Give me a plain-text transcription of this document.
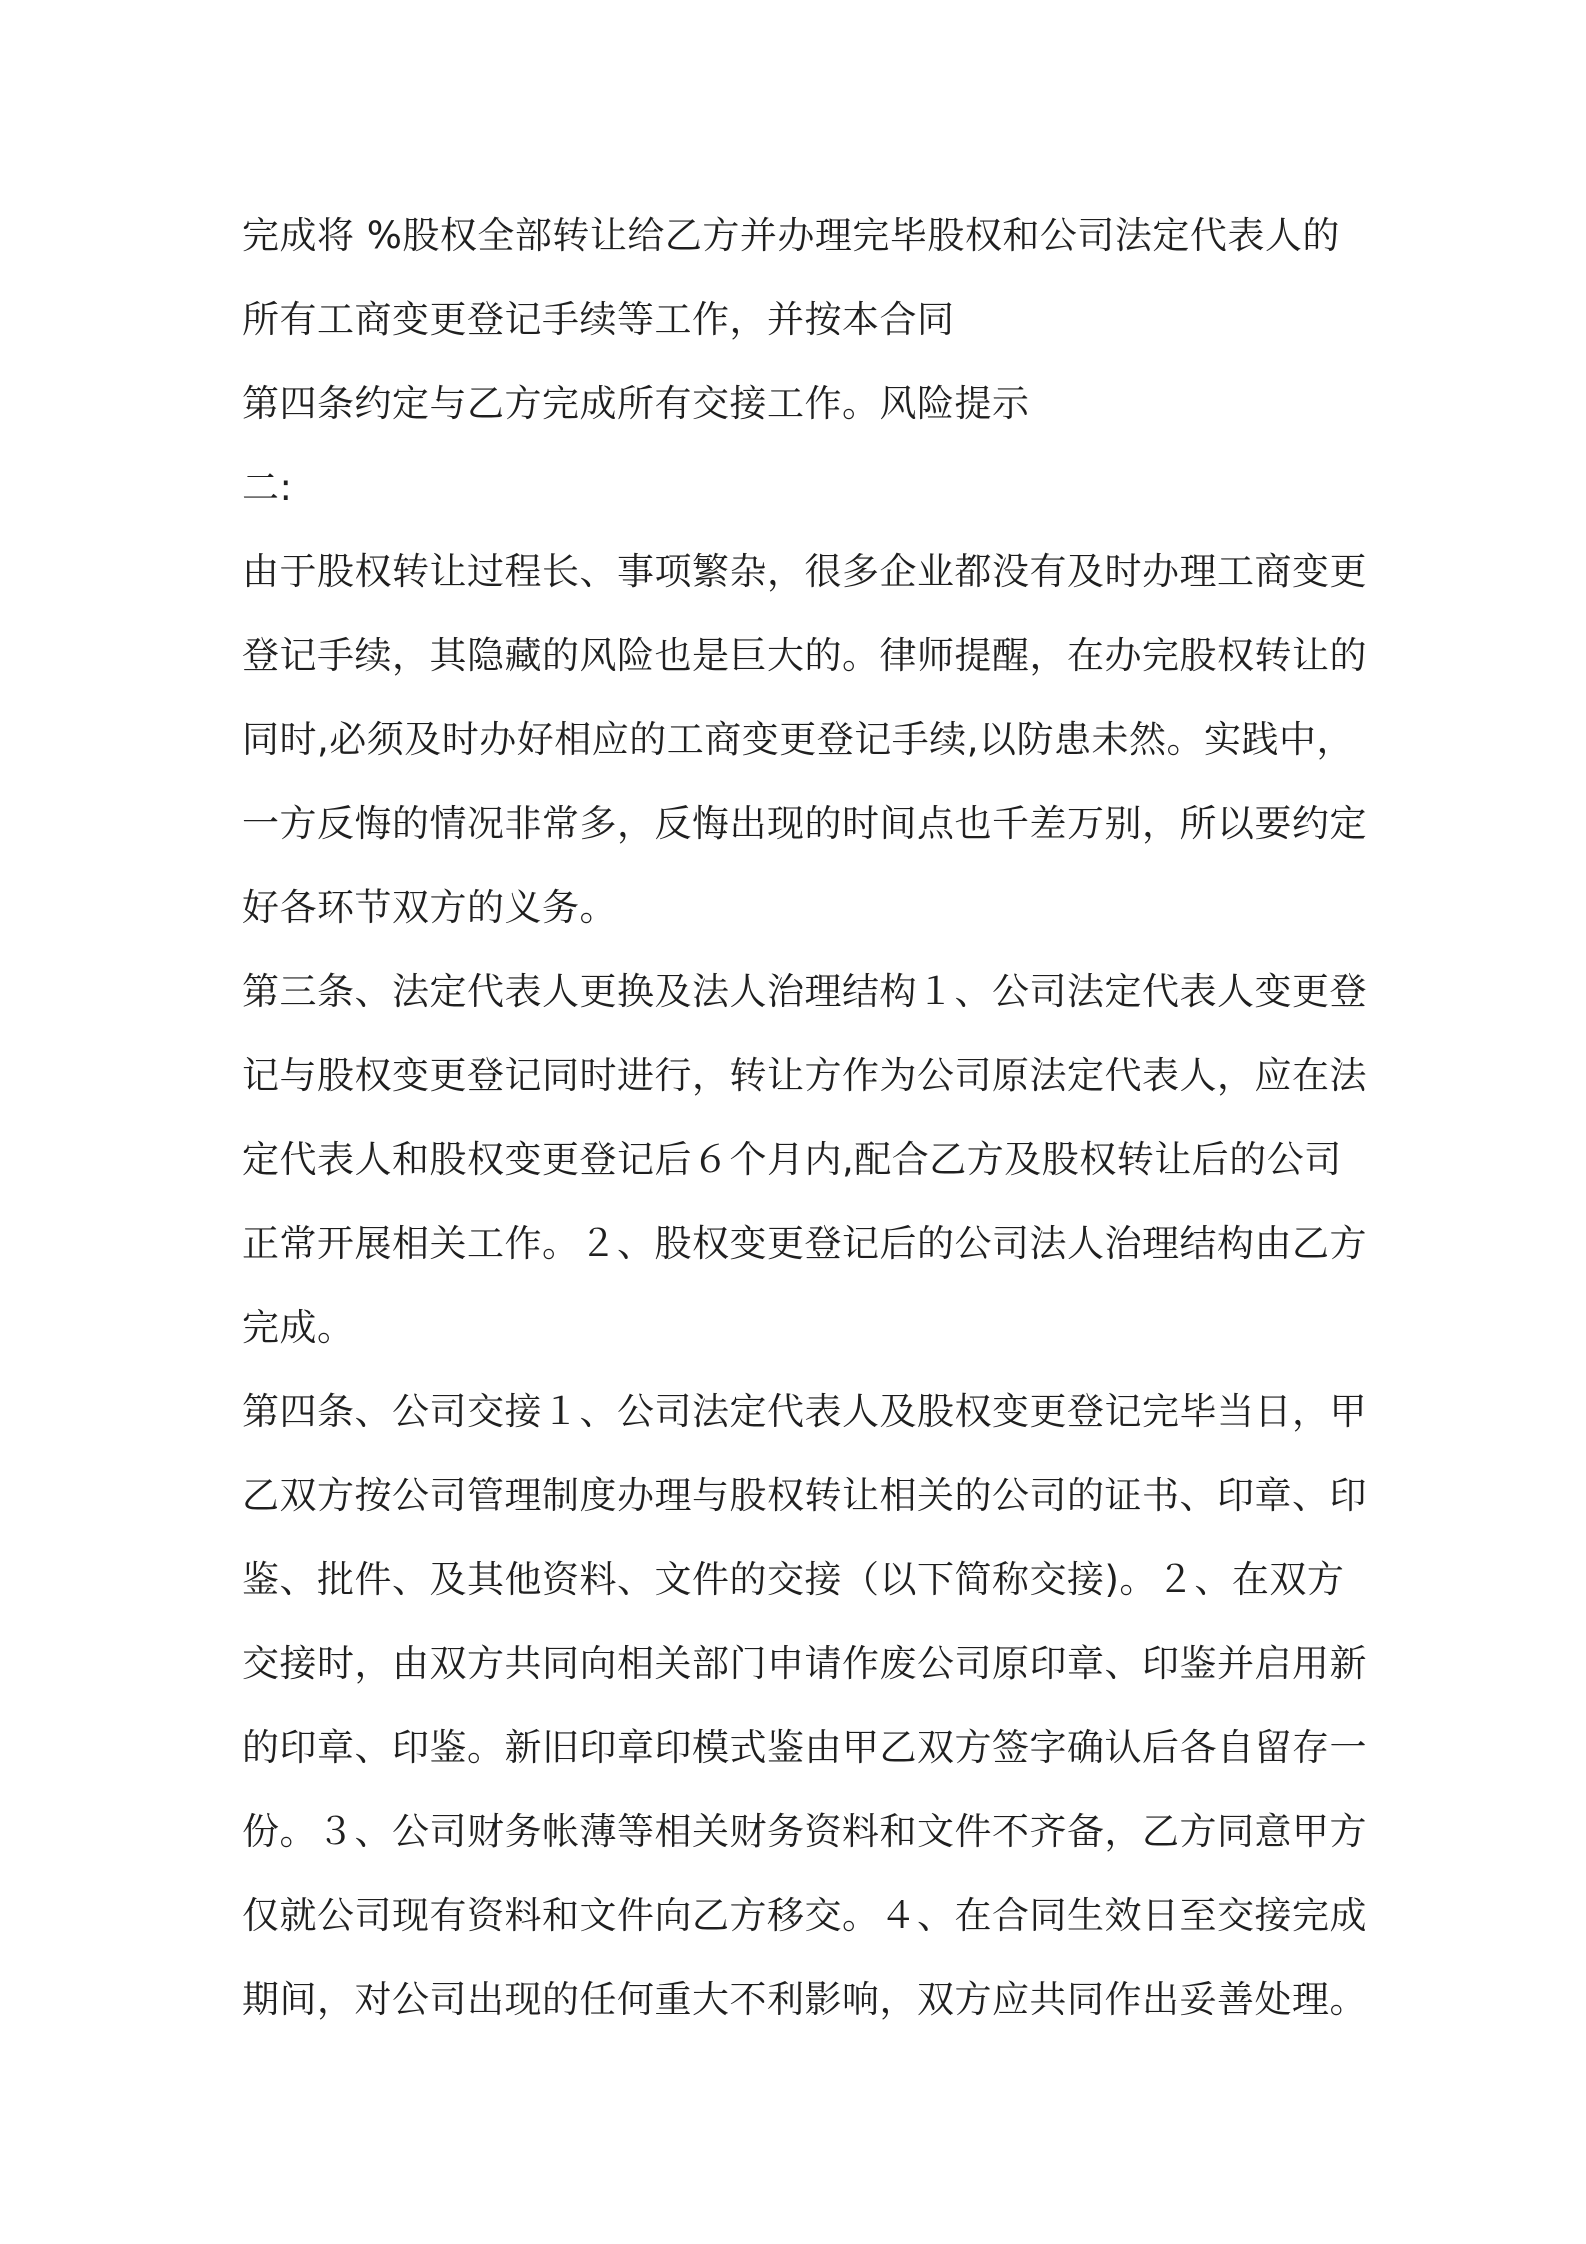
完成将 %股权全部转让给乙方并办理完毕股权和公司法定代表人的
所有工商变更登记手续等工作，并按本合同
第四条约定与乙方完成所有交接工作。风险提示
二:
由于股权转让过程长、事项繁杂，很多企业都没有及时办理工商变更
登记手续，其隐藏的风险也是巨大的。律师提醒，在办完股权转让的
同时,必须及时办好相应的工商变更登记手续,以防患未然。实践中，
一方反悔的情况非常多，反悔出现的时间点也千差万别，所以要约定
好各环节双方的义务。
第三条、法定代表人更换及法人治理结构１、公司法定代表人变更登
记与股权变更登记同时进行，转让方作为公司原法定代表人，应在法
定代表人和股权变更登记后６个月内,配合乙方及股权转让后的公司
正常开展相关工作。２、股权变更登记后的公司法人治理结构由乙方
完成。
第四条、公司交接１、公司法定代表人及股权变更登记完毕当日，甲
乙双方按公司管理制度办理与股权转让相关的公司的证书、印章、印
鉴、批件、及其他资料、文件的交接（以下简称交接)。２、在双方
交接时，由双方共同向相关部门申请作废公司原印章、印鉴并启用新
的印章、印鉴。新旧印章印模式鉴由甲乙双方签字确认后各自留存一
份。３、公司财务帐薄等相关财务资料和文件不齐备，乙方同意甲方
仅就公司现有资料和文件向乙方移交。４、在合同生效日至交接完成
期间，对公司出现的任何重大不利影响，双方应共同作出妥善处理。
